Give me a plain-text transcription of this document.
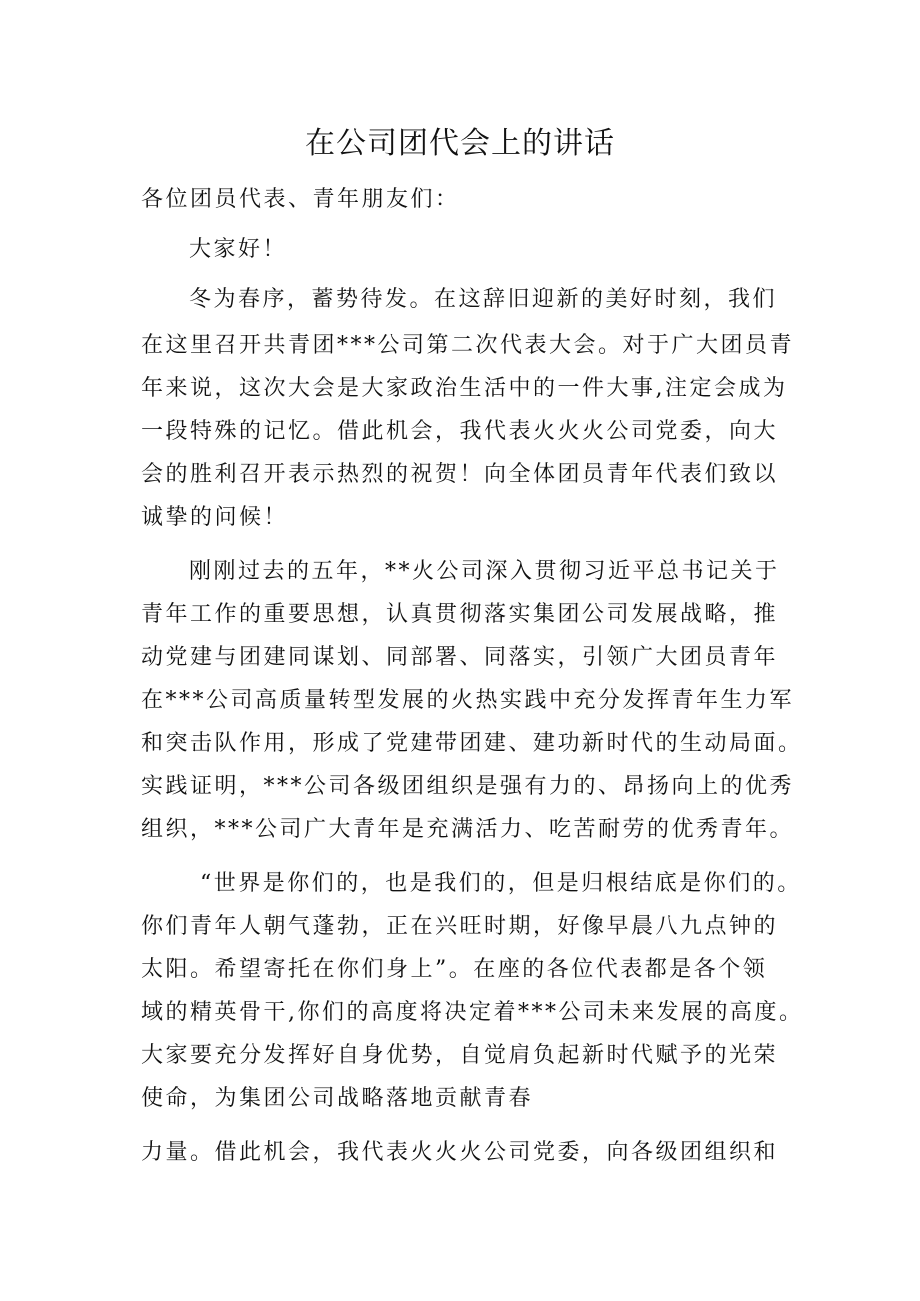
在公司团代会上的讲话
各位团员代表、青年朋友们：
大家好！
冬为春序，蓄势待发。在这辞旧迎新的美好时刻，我们
在这里召开共青团***公司第二次代表大会。对于广大团员青
年来说，这次大会是大家政治生活中的一件大事,注定会成为
一段特殊的记忆。借此机会，我代表火火火公司党委，向大
会的胜利召开表示热烈的祝贺！向全体团员青年代表们致以
诚挚的问候！
刚刚过去的五年，**火公司深入贯彻习近平总书记关于
青年工作的重要思想，认真贯彻落实集团公司发展战略，推
动党建与团建同谋划、同部署、同落实，引领广大团员青年
在***公司高质量转型发展的火热实践中充分发挥青年生力军
和突击队作用，形成了党建带团建、建功新时代的生动局面。
实践证明，***公司各级团组织是强有力的、昂扬向上的优秀
组织，***公司广大青年是充满活力、吃苦耐劳的优秀青年。
“世界是你们的，也是我们的，但是归根结底是你们的。
你们青年人朝气蓬勃，正在兴旺时期，好像早晨八九点钟的
太阳。希望寄托在你们身上”。在座的各位代表都是各个领
域的精英骨干,你们的高度将决定着***公司未来发展的高度。
大家要充分发挥好自身优势，自觉肩负起新时代赋予的光荣
使命，为集团公司战略落地贡献青春
力量。借此机会，我代表火火火公司党委，向各级团组织和
